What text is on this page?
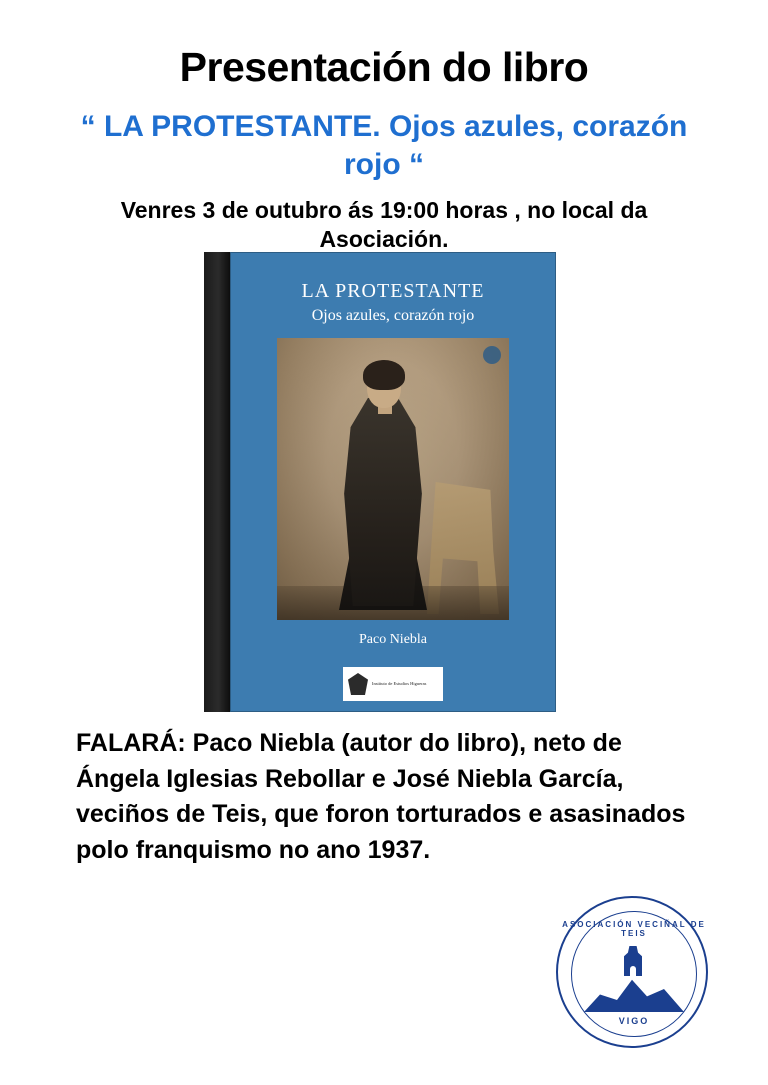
Presentación do libro
“ LA PROTESTANTE. Ojos azules, corazón rojo “
Venres 3 de outubro ás 19:00 horas , no local da Asociación.
LA PROTESTANTE
Ojos azules, corazón rojo
Paco Niebla
Instituto de Estudios Higueras
FALARÁ: Paco Niebla (autor do libro), neto de Ángela Iglesias Rebollar e José Niebla García, veciños de Teis, que foron torturados e asasinados polo franquismo no ano 1937.
ASOCIACIÓN VECIÑAL DE TEIS
VIGO
